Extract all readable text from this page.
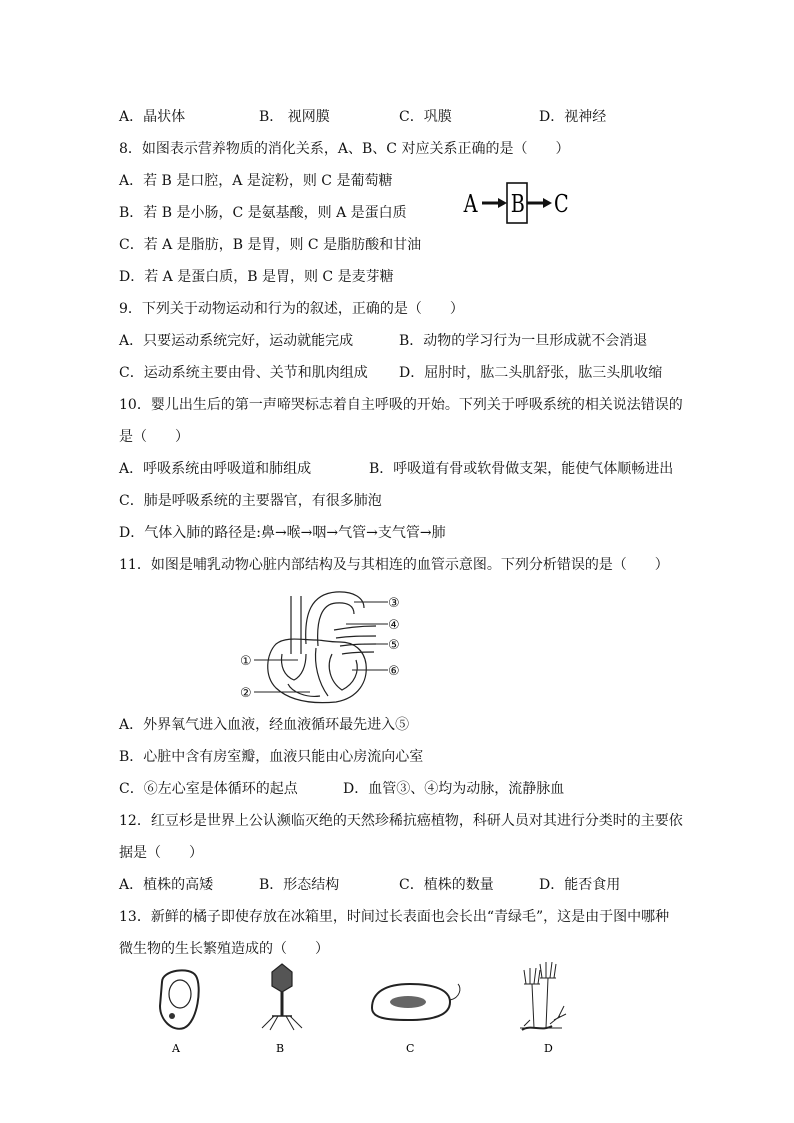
A．晶状体	B． 视网膜	C．巩膜	D．视神经
8．如图表示营养物质的消化关系，A、B、C 对应关系正确的是（　　）
A．若 B 是口腔，A 是淀粉，则 C 是葡萄糖
B．若 B 是小肠，C 是氨基酸，则 A 是蛋白质
C．若 A 是脂肪，B 是胃，则 C 是脂肪酸和甘油
D．若 A 是蛋白质，B 是胃，则 C 是麦芽糖
A B C
9．下列关于动物运动和行为的叙述，正确的是（　　）
A．只要运动系统完好，运动就能完成	B．动物的学习行为一旦形成就不会消退
C．运动系统主要由骨、关节和肌肉组成 D．屈肘时，肱二头肌舒张，肱三头肌收缩
10．婴儿出生后的第一声啼哭标志着自主呼吸的开始。下列关于呼吸系统的相关说法错误的
是（　　）
A．呼吸系统由呼吸道和肺组成	B．呼吸道有骨或软骨做支架，能使气体顺畅进出
C．肺是呼吸系统的主要器官，有很多肺泡
D．气体入肺的路径是:鼻→喉→咽→气管→支气管→肺
11．如图是哺乳动物心脏内部结构及与其相连的血管示意图。下列分析错误的是（　　）
①
②
③
④
⑤
⑥
A．外界氧气进入血液，经血液循环最先进入⑤
B．心脏中含有房室瓣，血液只能由心房流向心室
C．⑥左心室是体循环的起点	D．血管③、④均为动脉，流静脉血
12．红豆杉是世界上公认濒临灭绝的天然珍稀抗癌植物，科研人员对其进行分类时的主要依
据是（　　）
A．植株的高矮	B．形态结构	C．植株的数量	D．能否食用
13．新鲜的橘子即使存放在冰箱里，时间过长表面也会长出“青绿毛”，这是由于图中哪种
微生物的生长繁殖造成的（　　）
A	B	C	D
